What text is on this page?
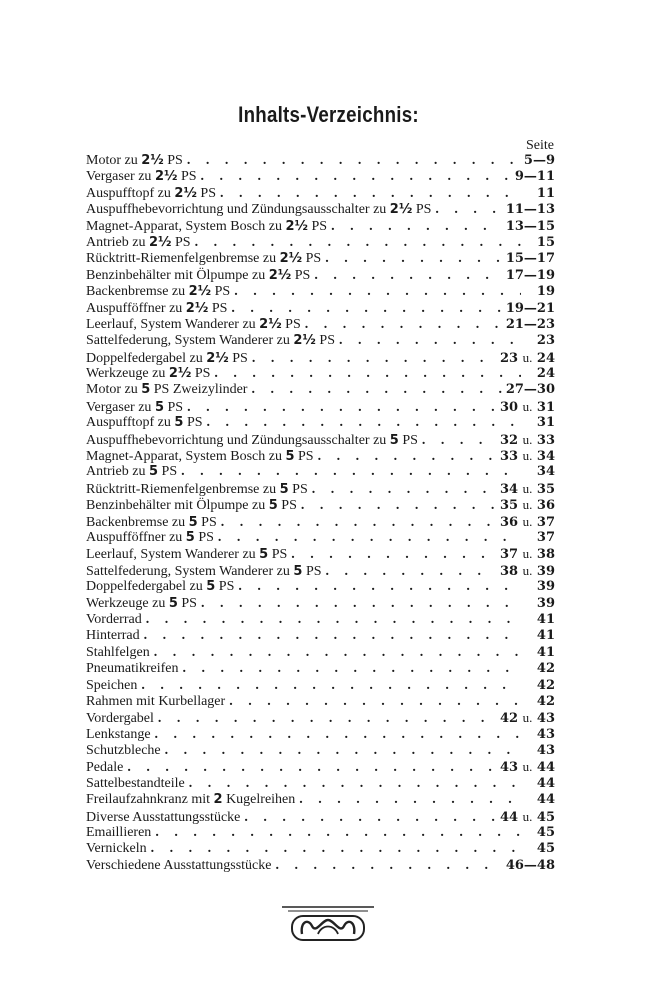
Inhalts-Verzeichnis:
Seite
Motor zu 2½ PS . . .	5—9
Vergaser zu 2½ PS . . .	9—11
Auspufftopf zu 2½ PS . . .	11
Auspuffhebevorrichtung und Zündungsausschalter zu 2½ PS . . .	11—13
Magnet-Apparat, System Bosch zu 2½ PS . . .	13—15
Antrieb zu 2½ PS . . .	15
Rücktritt-Riemenfelgenbremse zu 2½ PS . . .	15—17
Benzinbehälter mit Ölpumpe zu 2½ PS . . .	17—19
Backenbremse zu 2½ PS . . .	19
Auspufföffner zu 2½ PS . . .	19—21
Leerlauf, System Wanderer zu 2½ PS . . .	21—23
Sattelfederung, System Wanderer zu 2½ PS . . .	23
Doppelfedergabel zu 2½ PS . . .	23 u. 24
Werkzeuge zu 2½ PS . . .	24
Motor zu 5 PS Zweizylinder . . .	27—30
Vergaser zu 5 PS . . .	30 u. 31
Auspufftopf zu 5 PS . . .	31
Auspuffhebevorrichtung und Zündungsausschalter zu 5 PS . . .	32 u. 33
Magnet-Apparat, System Bosch zu 5 PS . . .	33 u. 34
Antrieb zu 5 PS . . .	34
Rücktritt-Riemenfelgenbremse zu 5 PS . . .	34 u. 35
Benzinbehälter mit Ölpumpe zu 5 PS . . .	35 u. 36
Backenbremse zu 5 PS . . .	36 u. 37
Auspufföffner zu 5 PS . . .	37
Leerlauf, System Wanderer zu 5 PS . . .	37 u. 38
Sattelfederung, System Wanderer zu 5 PS . . .	38 u. 39
Doppelfedergabel zu 5 PS . . .	39
Werkzeuge zu 5 PS . . .	39
Vorderrad . . .	41
Hinterrad . . .	41
Stahlfelgen . . .	41
Pneumatikreifen . . .	42
Speichen . . .	42
Rahmen mit Kurbellager . . .	42
Vordergabel . . .	42 u. 43
Lenkstange . . .	43
Schutzbleche . . .	43
Pedale . . .	43 u. 44
Sattelbestandteile . . .	44
Freilaufzahnkranz mit 2 Kugelreihen . . .	44
Diverse Ausstattungsstücke . . .	44 u. 45
Emaillieren . . .	45
Vernickeln . . .	45
Verschiedene Ausstattungsstücke . . .	46—48
